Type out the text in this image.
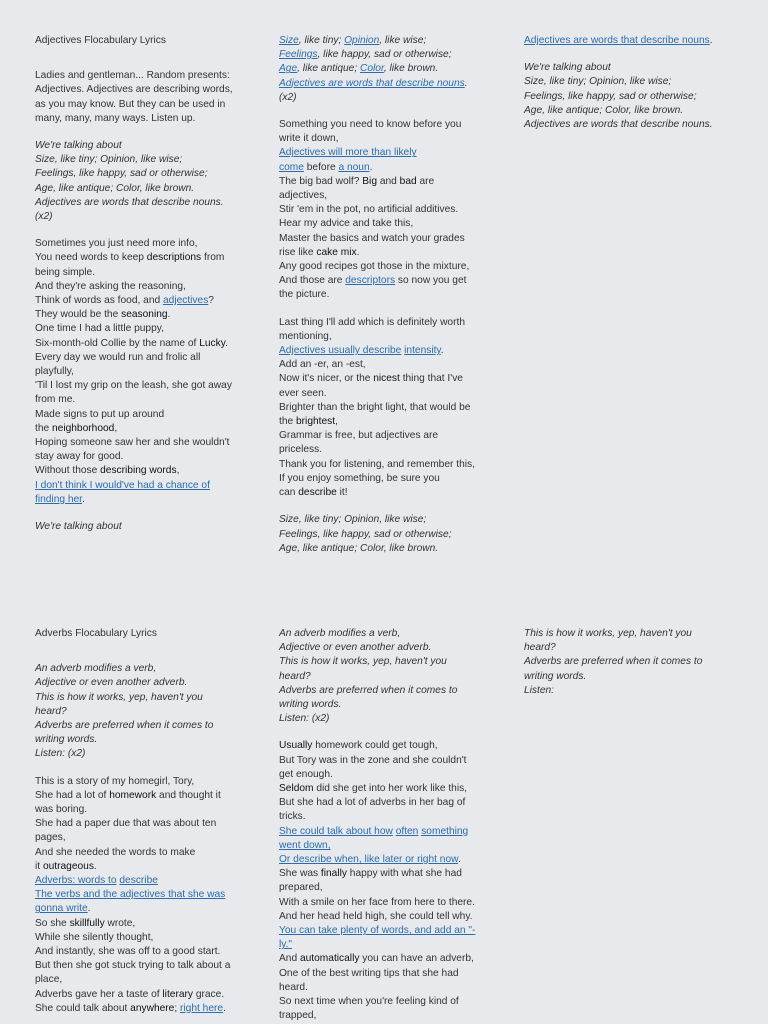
Adjectives Flocabulary Lyrics
Ladies and gentleman... Random presents:
Adjectives. Adjectives are describing words,
as you may know. But they can be used in
many, many, many ways. Listen up.
We're talking about
Size, like tiny; Opinion, like wise;
Feelings, like happy, sad or otherwise;
Age, like antique; Color, like brown.
Adjectives are words that describe nouns.
(x2)
Sometimes you just need more info,
You need words to keep descriptions from
being simple.
And they're asking the reasoning,
Think of words as food, and adjectives?
They would be the seasoning.
One time I had a little puppy,
Six-month-old Collie by the name of Lucky.
Every day we would run and frolic all
playfully,
'Til I lost my grip on the leash, she got away
from me.
Made signs to put up around
the neighborhood,
Hoping someone saw her and she wouldn't
stay away for good.
Without those describing words,
I don't think I would've had a chance of
finding her.
We're talking about
Size, like tiny; Opinion, like wise;
Feelings, like happy, sad or otherwise;
Age, like antique; Color, like brown.
Adjectives are words that describe nouns.
(x2)
Something you need to know before you
write it down,
Adjectives will more than likely
come before a noun.
The big bad wolf? Big and bad are
adjectives,
Stir 'em in the pot, no artificial additives.
Hear my advice and take this,
Master the basics and watch your grades
rise like cake mix.
Any good recipes got those in the mixture,
And those are descriptors so now you get
the picture.
Last thing I'll add which is definitely worth
mentioning,
Adjectives usually describe intensity.
Add an -er, an -est,
Now it's nicer, or the nicest thing that I've
ever seen.
Brighter than the bright light, that would be
the brightest,
Grammar is free, but adjectives are
priceless.
Thank you for listening, and remember this,
If you enjoy something, be sure you
can describe it!
Size, like tiny; Opinion, like wise;
Feelings, like happy, sad or otherwise;
Age, like antique; Color, like brown.
Adjectives are words that describe nouns.
We're talking about
Size, like tiny; Opinion, like wise;
Feelings, like happy, sad or otherwise;
Age, like antique; Color, like brown.
Adjectives are words that describe nouns.
Adverbs Flocabulary Lyrics
An adverb modifies a verb,
Adjective or even another adverb.
This is how it works, yep, haven't you
heard?
Adverbs are preferred when it comes to
writing words.
Listen: (x2)
This is a story of my homegirl, Tory,
She had a lot of homework and thought it
was boring.
She had a paper due that was about ten
pages,
And she needed the words to make
it outrageous.
Adverbs: words to describe
The verbs and the adjectives that she was
gonna write.
So she skillfully wrote,
While she silently thought,
And instantly, she was off to a good start.
But then she got stuck trying to talk about a
place,
Adverbs gave her a taste of literary grace.
She could talk about anywhere; right here.
An adverb modifies a verb,
Adjective or even another adverb.
This is how it works, yep, haven't you
heard?
Adverbs are preferred when it comes to
writing words.
Listen: (x2)
Usually homework could get tough,
But Tory was in the zone and she couldn't
get enough.
Seldom did she get into her work like this,
But she had a lot of adverbs in her bag of
tricks.
She could talk about how often something
went down,
Or describe when, like later or right now.
She was finally happy with what she had
prepared,
With a smile on her face from here to there.
And her head held high, she could tell why.
You can take plenty of words, and add an "-
ly."
And automatically you can have an adverb,
One of the best writing tips that she had
heard.
So next time when you're feeling kind of
trapped,
This is how it works, yep, haven't you
heard?
Adverbs are preferred when it comes to
writing words.
Listen:
